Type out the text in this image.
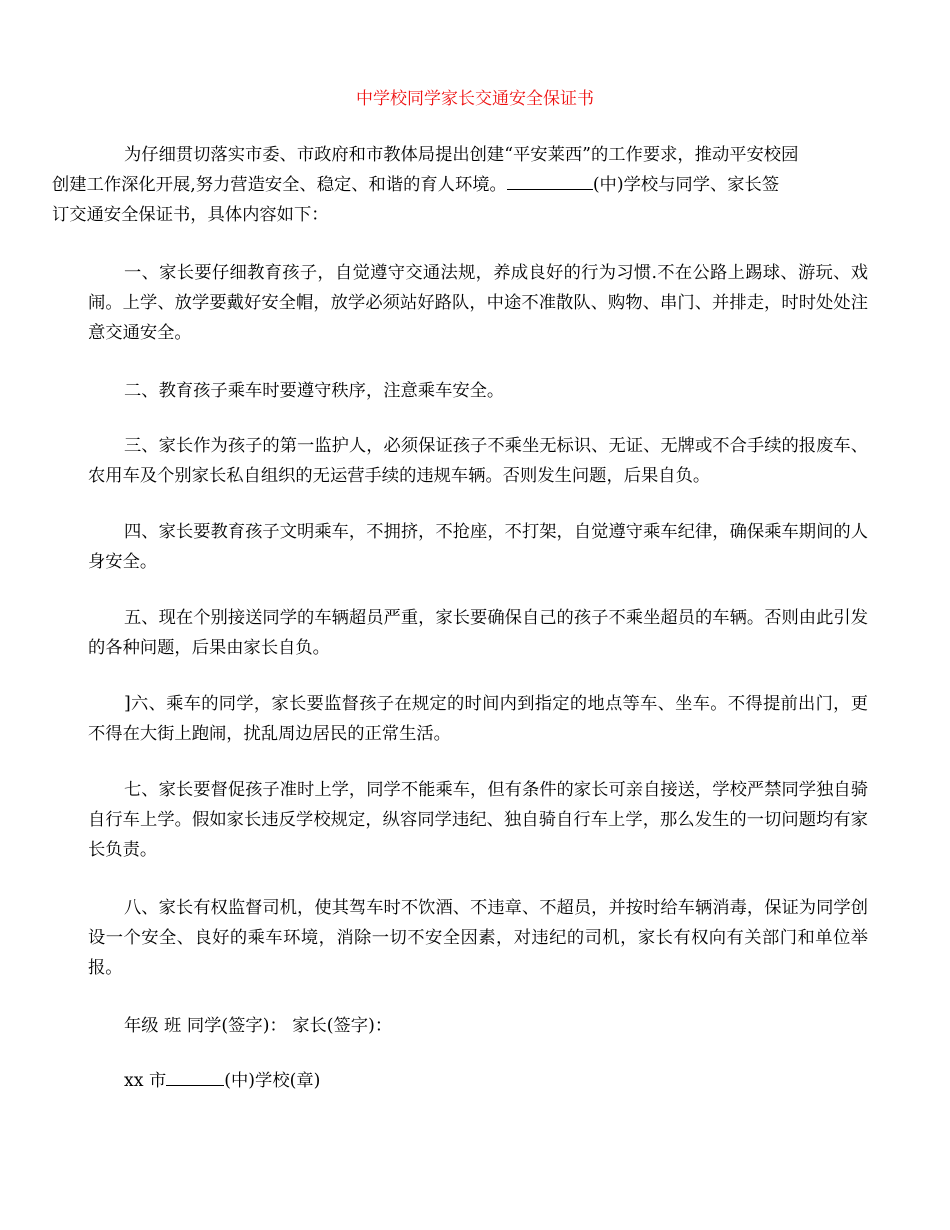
中学校同学家长交通安全保证书

为仔细贯切落实市委、市政府和市教体局提出创建“平安莱西”的工作要求，推动平安校园
创建工作深化开展,努力营造安全、稳定、和谐的育人环境。	(中)学校与同学、家长签
订交通安全保证书，具体内容如下：

一、家长要仔细教育孩子，自觉遵守交通法规，养成良好的行为习惯.不在公路上踢球、游玩、戏闹。上学、放学要戴好安全帽，放学必须站好路队，中途不准散队、购物、串门、并排走，时时处处注意交通安全。

二、教育孩子乘车时要遵守秩序，注意乘车安全。

三、家长作为孩子的第一监护人，必须保证孩子不乘坐无标识、无证、无牌或不合手续的报废车、农用车及个别家长私自组织的无运营手续的违规车辆。否则发生问题，后果自负。

四、家长要教育孩子文明乘车，不拥挤，不抢座，不打架，自觉遵守乘车纪律，确保乘车期间的人身安全。

五、现在个别接送同学的车辆超员严重，家长要确保自己的孩子不乘坐超员的车辆。否则由此引发的各种问题，后果由家长自负。

]六、乘车的同学，家长要监督孩子在规定的时间内到指定的地点等车、坐车。不得提前出门，更不得在大街上跑闹，扰乱周边居民的正常生活。

七、家长要督促孩子准时上学，同学不能乘车，但有条件的家长可亲自接送，学校严禁同学独自骑自行车上学。假如家长违反学校规定，纵容同学违纪、独自骑自行车上学，那么发生的一切问题均有家长负责。

八、家长有权监督司机，使其驾车时不饮酒、不违章、不超员，并按时给车辆消毒，保证为同学创设一个安全、良好的乘车环境，消除一切不安全因素，对违纪的司机，家长有权向有关部门和单位举报。

年级 班 同学(签字)： 家长(签字)：

xx 市	(中)学校(章)
